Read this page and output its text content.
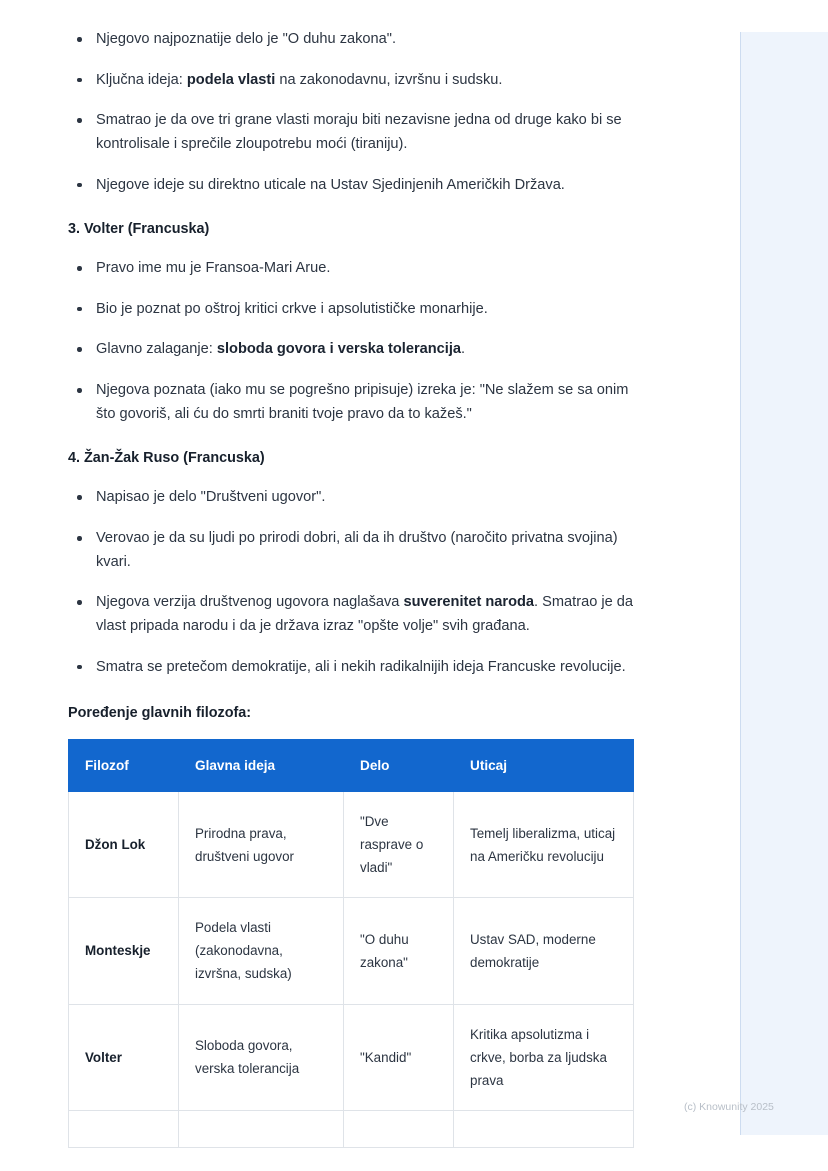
Njegovo najpoznatije delo je "O duhu zakona".
Ključna ideja: podela vlasti na zakonodavnu, izvršnu i sudsku.
Smatrao je da ove tri grane vlasti moraju biti nezavisne jedna od druge kako bi se kontrolisale i sprečile zloupotrebu moći (tiraniju).
Njegove ideje su direktno uticale na Ustav Sjedinjenih Američkih Država.
3. Volter (Francuska)
Pravo ime mu je Fransoa-Mari Arue.
Bio je poznat po oštroj kritici crkve i apsolutističke monarhije.
Glavno zalaganje: sloboda govora i verska tolerancija.
Njegova poznata (iako mu se pogrešno pripisuje) izreka je: "Ne slažem se sa onim što govoriš, ali ću do smrti braniti tvoje pravo da to kažeš."
4. Žan-Žak Ruso (Francuska)
Napisao je delo "Društveni ugovor".
Verovao je da su ljudi po prirodi dobri, ali da ih društvo (naročito privatna svojina) kvari.
Njegova verzija društvenog ugovora naglašava suverenitet naroda. Smatrao je da vlast pripada narodu i da je država izraz "opšte volje" svih građana.
Smatra se pretečom demokratije, ali i nekih radikalnijih ideja Francuske revolucije.
Poređenje glavnih filozofa:
Filozof	Glavna ideja	Delo	Uticaj
Džon Lok	Prirodna prava, društveni ugovor	"Dve rasprave o vladi"	Temelj liberalizma, uticaj na Američku revoluciju
Monteskje	Podela vlasti (zakonodavna, izvršna, sudska)	"O duhu zakona"	Ustav SAD, moderne demokratije
Volter	Sloboda govora, verska tolerancija	"Kandid"	Kritika apsolutizma i crkve, borba za ljudska prava

(c) Knowunity 2025
